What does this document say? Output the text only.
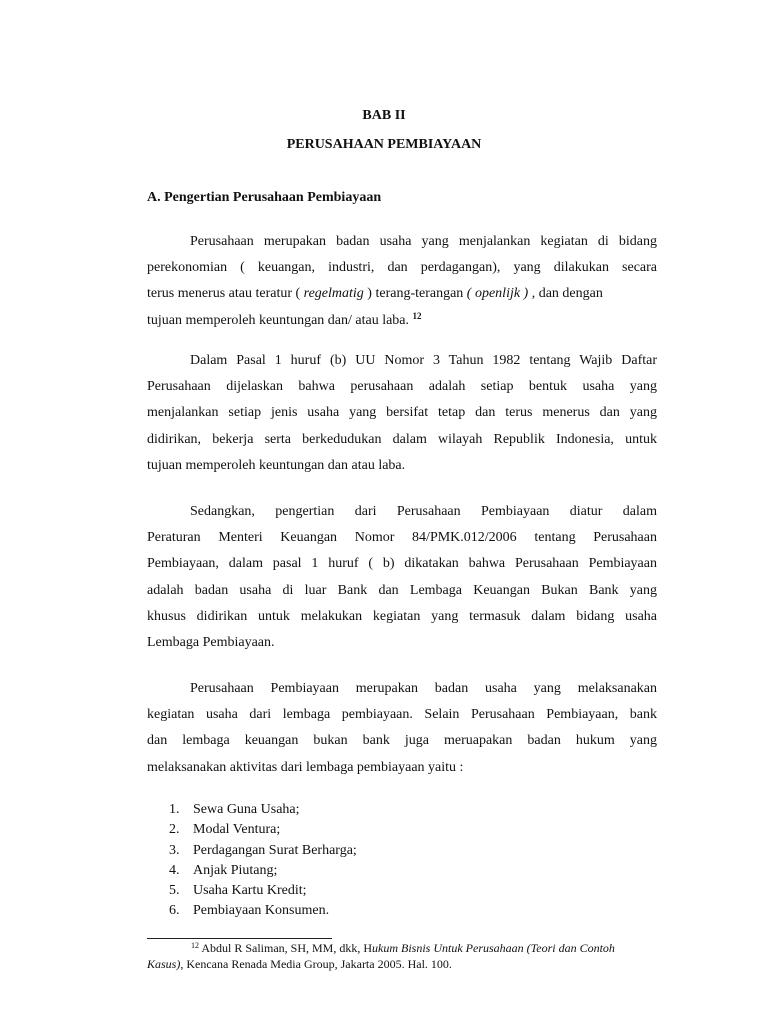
BAB II
PERUSAHAAN PEMBIAYAAN
A. Pengertian Perusahaan Pembiayaan
Perusahaan merupakan badan usaha yang menjalankan kegiatan di bidang
perekonomian ( keuangan, industri, dan perdagangan), yang dilakukan secara
terus menerus atau teratur ( regelmatig ) terang-terangan ( openlijk ) , dan dengan
tujuan memperoleh keuntungan dan/ atau laba. $^{12}$
Dalam Pasal 1 huruf (b) UU Nomor 3 Tahun 1982 tentang Wajib Daftar
Perusahaan dijelaskan bahwa perusahaan adalah setiap bentuk usaha yang
menjalankan setiap jenis usaha yang bersifat tetap dan terus menerus dan yang
didirikan, bekerja serta berkedudukan dalam wilayah Republik Indonesia, untuk
tujuan memperoleh keuntungan dan atau laba.
Sedangkan, pengertian dari Perusahaan Pembiayaan diatur dalam
Peraturan Menteri Keuangan Nomor 84/PMK.012/2006 tentang Perusahaan
Pembiayaan, dalam pasal 1 huruf ( b) dikatakan bahwa Perusahaan Pembiayaan
adalah badan usaha di luar Bank dan Lembaga Keuangan Bukan Bank yang
khusus didirikan untuk melakukan kegiatan yang termasuk dalam bidang usaha
Lembaga Pembiayaan.
Perusahaan Pembiayaan merupakan badan usaha yang melaksanakan
kegiatan usaha dari lembaga pembiayaan. Selain Perusahaan Pembiayaan, bank
dan lembaga keuangan bukan bank juga meruapakan badan hukum yang
melaksanakan aktivitas dari lembaga pembiayaan yaitu :
1. Sewa Guna Usaha;
2. Modal Ventura;
3. Perdagangan Surat Berharga;
4. Anjak Piutang;
5. Usaha Kartu Kredit;
6. Pembiayaan Konsumen.

$^{12}$ Abdul R Saliman, SH, MM, dkk, Hukum Bisnis Untuk Perusahaan (Teori dan Contoh

Kasus), Kencana Renada Media Group, Jakarta 2005. Hal. 100.
